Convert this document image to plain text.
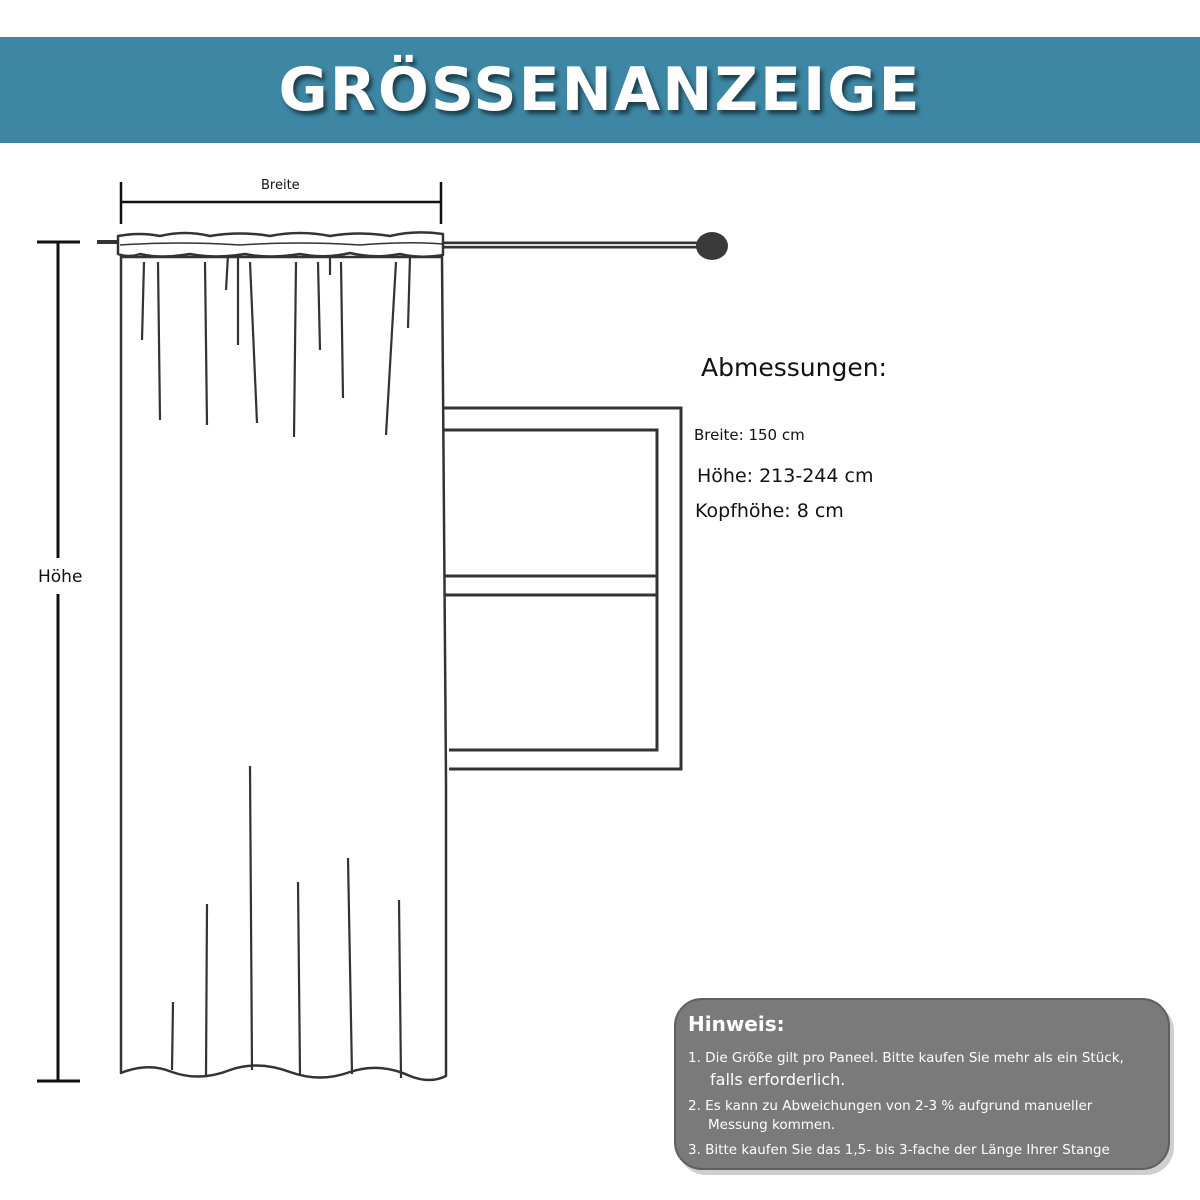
GRÖSSENANZEIGE
Breite
Höhe
Abmessungen:
Breite: 150 cm
Höhe: 213-244 cm
Kopfhöhe: 8 cm
Hinweis:
1. Die Größe gilt pro Paneel. Bitte kaufen Sie mehr als ein Stück,
falls erforderlich.
2. Es kann zu Abweichungen von 2-3 % aufgrund manueller
Messung kommen.
3. Bitte kaufen Sie das 1,5- bis 3-fache der Länge Ihrer Stange
